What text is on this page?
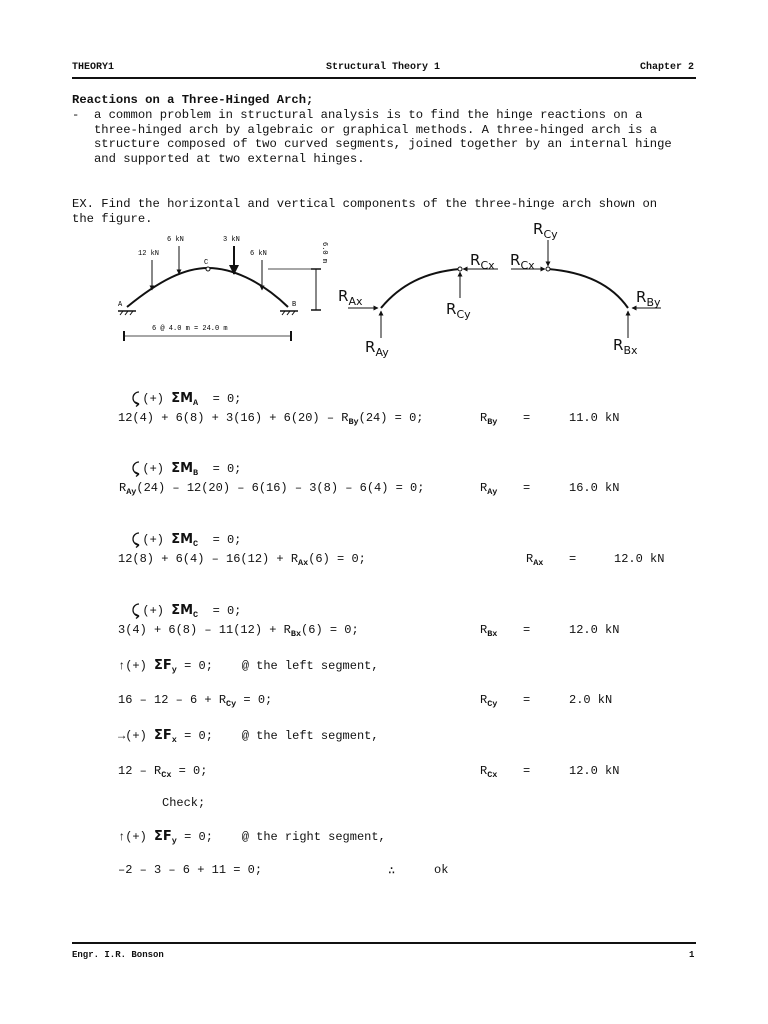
THEORY1	Structural Theory 1	Chapter 2
Reactions on a Three-Hinged Arch;
-  a common problem in structural analysis is to find the hinge reactions on a
three-hinged arch by algebraic or graphical methods. A three-hinged arch is a
structure composed of two curved segments, joined together by an internal hinge
and supported at two external hinges.
EX. Find the horizontal and vertical components of the three-hinge arch shown on
the figure.
A	B
C
12 kN
6 kN	3 kN
6 kN	6.0 m
6 @ 4.0 m = 24.0 m
$R_{Ax}$
$R_{Ay}$
$R_{Cx}$
$R_{Cy}$
$R_{Cx}$
$R_{Cy}$
$R_{By}$
$R_{Bx}$

(+) $\Sigma M_A = 0$;

$12(4) + 6(8) + 3(16) + 6(20) - R_{By}(24) = 0$;	$R_{By}$ =	11.0 kN

(+) $\Sigma M_B = 0$;

$R_{Ay}(24) - 12(20) - 6(16) - 3(8) - 6(4) = 0$;	$R_{Ay}$ =	16.0 kN

(+) $\Sigma M_C = 0$;

$12(8) + 6(4) - 16(12) + R_{Ax}(6) = 0$;	$R_{Ax}$ =	12.0 kN

(+) $\Sigma M_C = 0$;

$3(4) + 6(8) - 11(12) + R_{Bx}(6) = 0$;	$R_{Bx}$ =	12.0 kN
↑(+) $\Sigma F_y = 0$; @ the left segment,
$16 - 12 - 6 + R_{Cy} = 0$;	$R_{Cy}$ =	2.0 kN
→(+) $\Sigma F_x = 0$; @ the left segment,
$12 - R_{Cx} = 0$;	$R_{Cx}$ =	12.0 kN
Check;
↑(+) $\Sigma F_y = 0$; @ the right segment,
–2 – 3 – 6 + 11 = 0;	∴	ok
Engr. I.R. Bonson	1
